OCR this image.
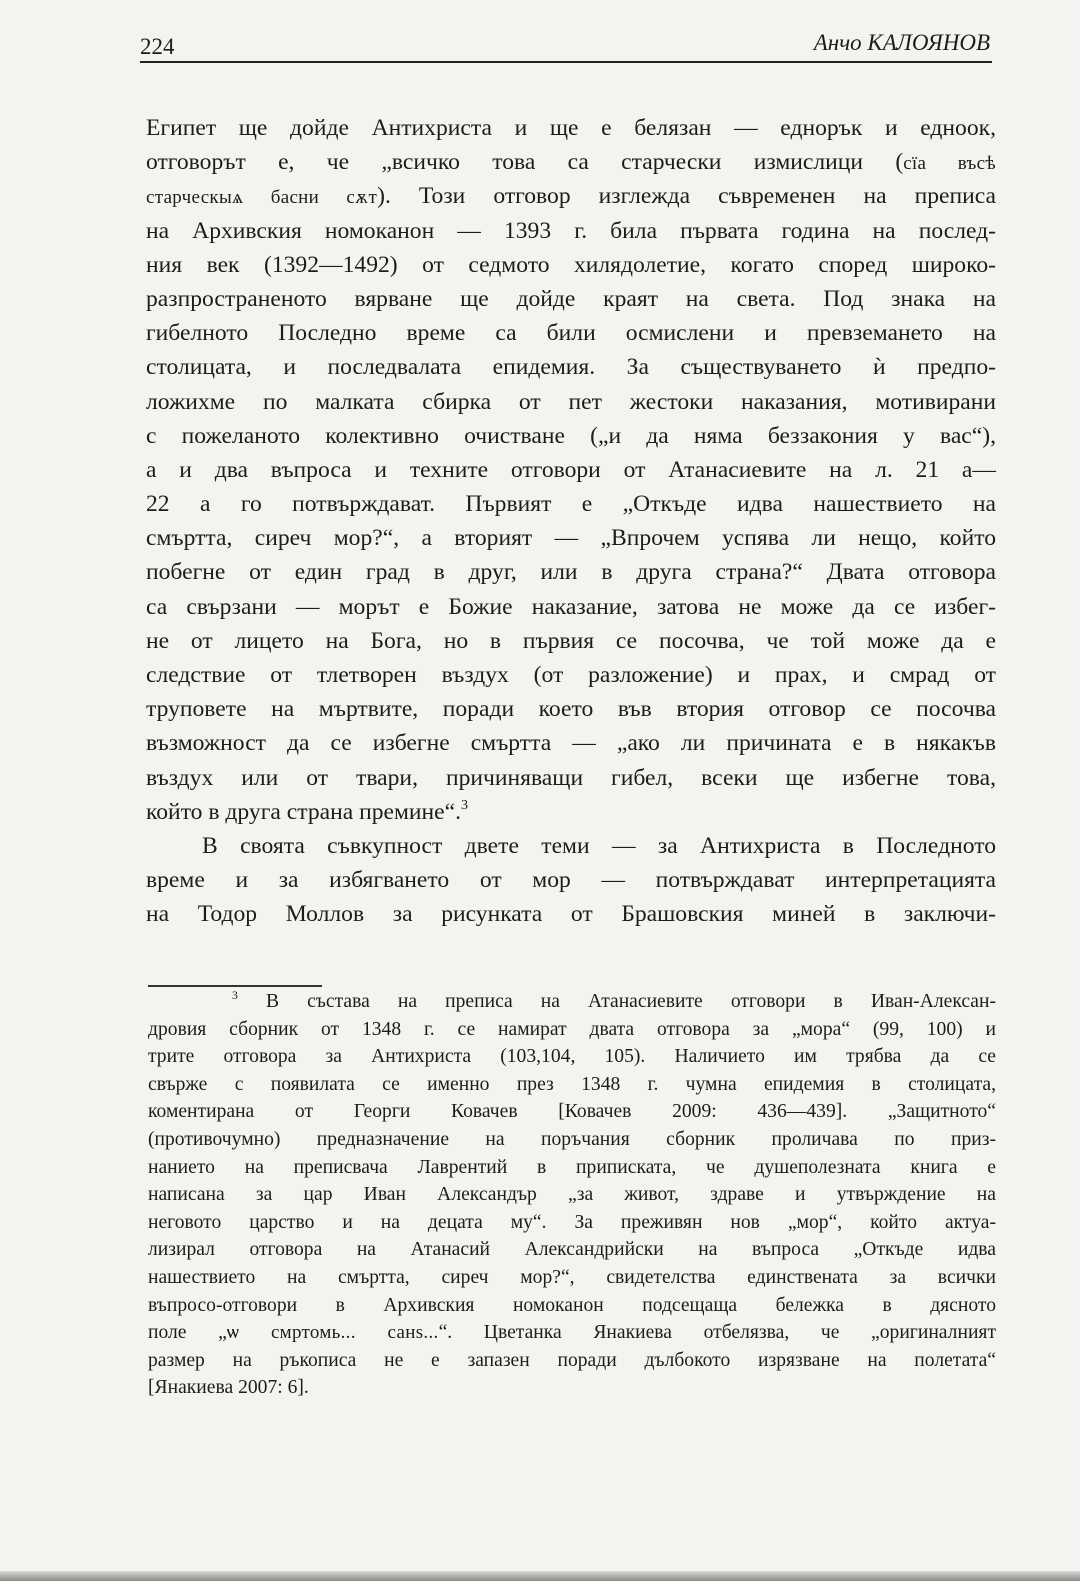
224	Анчо КАЛОЯНОВ
Египет ще дойде Антихриста и ще е белязан — еднорък и едноок,
отговорът е, че „всичко това са старчески измислици (сїа въсѣ
старческыѧ басни сѫт). Този отговор изглежда съвременен на преписа
на Архивския номоканон — 1393 г. била първата година на послед-
ния век (1392—1492) от седмото хилядолетие, когато според широко-
разпространеното вярване ще дойде краят на света. Под знака на
гибелното Последно време са били осмислени и превземането на
столицата, и последвалата епидемия. За съществуването ѝ предпо-
ложихме по малката сбирка от пет жестоки наказания, мотивирани
с пожеланото колективно очистване („и да няма беззакония у вас“),
а и два въпроса и техните отговори от Атанасиевите на л. 21 а—
22 а го потвърждават. Първият е „Откъде идва нашествието на
смъртта, сиреч мор?“, а вторият — „Впрочем успява ли нещо, който
побегне от един град в друг, или в друга страна?“ Двата отговора
са свързани — морът е Божие наказание, затова не може да се избег-
не от лицето на Бога, но в първия се посочва, че той може да е
следствие от тлетворен въздух (от разложение) и прах, и смрад от
труповете на мъртвите, поради което във втория отговор се посочва
възможност да се избегне смъртта — „ако ли причината е в някакъв
въздух или от твари, причиняващи гибел, всеки ще избегне това,
който в друга страна премине“.$^3$
В своята съвкупност двете теми — за Антихриста в Последното
време и за избягването от мор — потвърждават интерпретацията
на Тодор Моллов за рисунката от Брашовския миней в заключи-
$^3$ В състава на преписа на Атанасиевите отговори в Иван-Алексан-
дровия сборник от 1348 г. се намират двата отговора за „мора“ (99, 100) и
трите отговора за Антихриста (103,104, 105). Наличието им трябва да се
свърже с появилата се именно през 1348 г. чумна епидемия в столицата,
коментирана от Георги Ковачев [Ковачев 2009: 436—439]. „Защитното“
(противочумно) предназначение на поръчания сборник проличава по приз-
нанието на преписвача Лаврентий в приписката, че душеполезната книга е
написана за цар Иван Александър „за живот, здраве и утвърждение на
неговото царство и на децата му“. За преживян нов „мор“, който актуа-
лизирал отговора на Атанасий Александрийски на въпроса „Откъде идва
нашествието на смъртта, сиреч мор?“, свидетелства единствената за всички
въпросо-отговори в Архивския номоканон подсещаща бележка в дясното
поле „ѡ смртомь... санѕ...“. Цветанка Янакиева отбелязва, че „оригиналният
размер на ръкописа не е запазен поради дълбокото изрязване на полетата“
[Янакиева 2007: 6].
